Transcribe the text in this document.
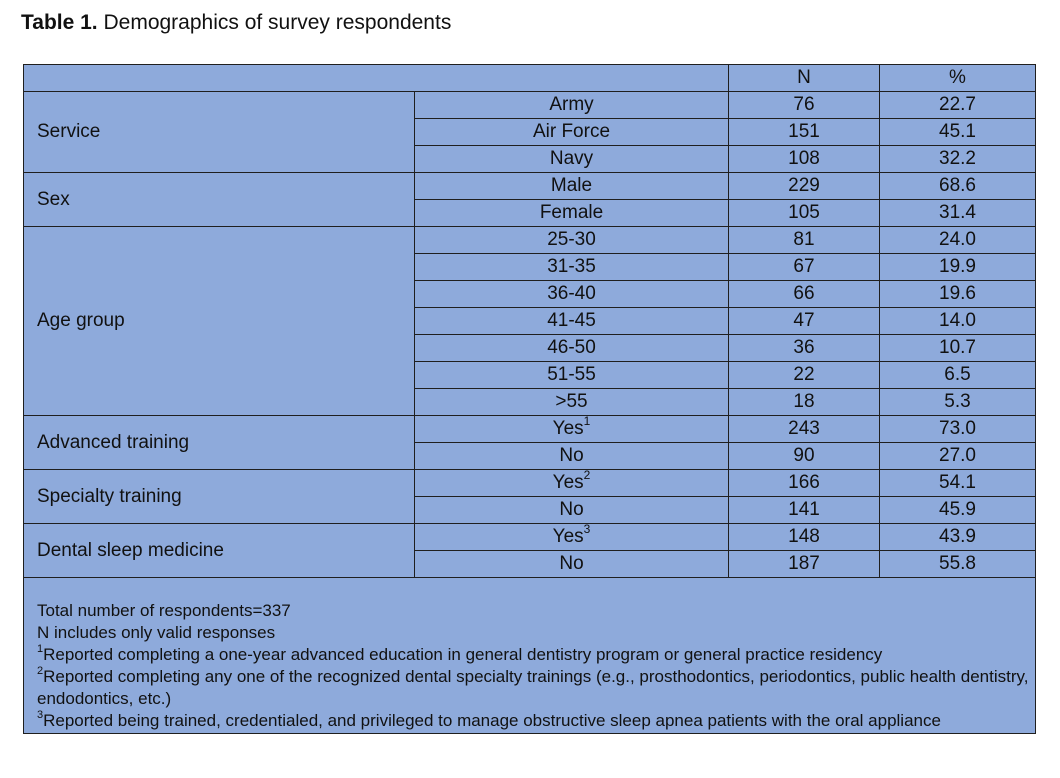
Table 1. Demographics of survey respondents
		N	%
Service	Army	76	22.7
	Air Force	151	45.1
	Navy	108	32.2
Sex	Male	229	68.6
	Female	105	31.4
Age group	25-30	81	24.0
	31-35	67	19.9
	36-40	66	19.6
	41-45	47	14.0
	46-50	36	10.7
	51-55	22	6.5
	>55	18	5.3
Advanced training	Yes$^1$	243	73.0
	No	90	27.0
Specialty training	Yes$^2$	166	54.1
	No	141	45.9
Dental sleep medicine	Yes$^3$	148	43.9
	No	187	55.8

Total number of respondents=337
N includes only valid responses
$^1$Reported completing a one-year advanced education in general dentistry program or general practice residency
$^2$Reported completing any one of the recognized dental specialty trainings (e.g., prosthodontics, periodontics, public health dentistry, endodontics, etc.)
$^3$Reported being trained, credentialed, and privileged to manage obstructive sleep apnea patients with the oral appliance			
